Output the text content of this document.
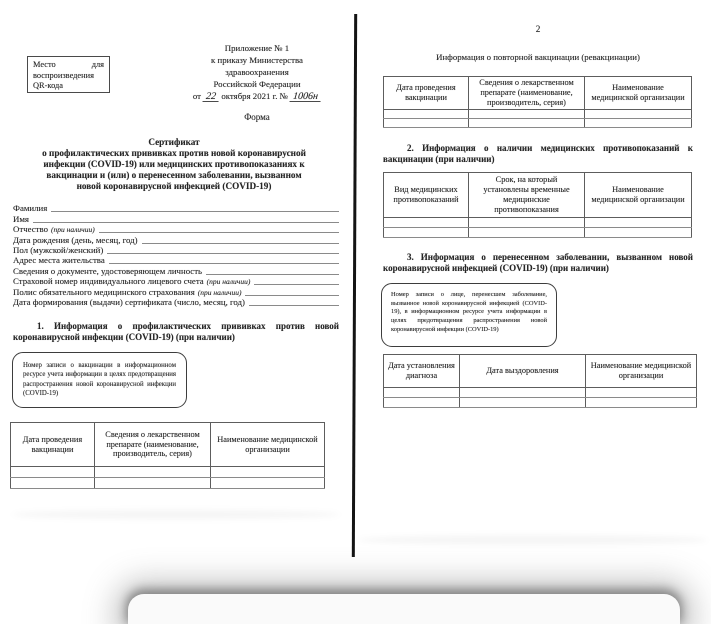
Место для воспроизведения QR-кода
Приложение № 1
к приказу Министерства
здравоохранения
Российской Федерации
от 22 октября 2021 г. № 1006н
Форма
Сертификат
о профилактических прививках против новой коронавирусной
инфекции (COVID-19) или медицинских противопоказаниях к
вакцинации и (или) о перенесенном заболевании, вызванном
новой коронавирусной инфекцией (COVID-19)
Фамилия
Имя
Отчество (при наличии)
Дата рождения (день, месяц, год)
Пол (мужской/женский)
Адрес места жительства
Сведения о документе, удостоверяющем личность
Страховой номер индивидуального лицевого счета (при наличии)
Полис обязательного медицинского страхования (при наличии)
Дата формирования (выдачи) сертификата (число, месяц, год)
1. Информация о профилактических прививках против новой коронавирусной инфекции (COVID-19) (при наличии)
Номер записи о вакцинации в информационном ресурсе учета информации в целях предотвращения распространения новой коронавирусной инфекции (COVID-19)
Дата проведения вакцинации	Сведения о лекарственном препарате (наименование, производитель, серия)	Наименование медицинской организации

2
Информация о повторной вакцинации (ревакцинации)
Дата проведения вакцинации	Сведения о лекарственном препарате (наименование, производитель, серия)	Наименование медицинской организации

2. Информация о наличии медицинских противопоказаний к вакцинации (при наличии)
Вид медицинских противопоказаний	Срок, на который установлены временные медицинские противопоказания	Наименование медицинской организации

3. Информация о перенесенном заболевании, вызванном новой коронавирусной инфекцией (COVID-19) (при наличии)
Номер записи о лице, перенесшем заболевание, вызванное новой коронавирусной инфекцией (COVID-19), в информационном ресурсе учета информации в целях предотвращения распространения новой коронавирусной инфекции (COVID-19)
Дата установления диагноза	Дата выздоровления	Наименование медицинской организации
